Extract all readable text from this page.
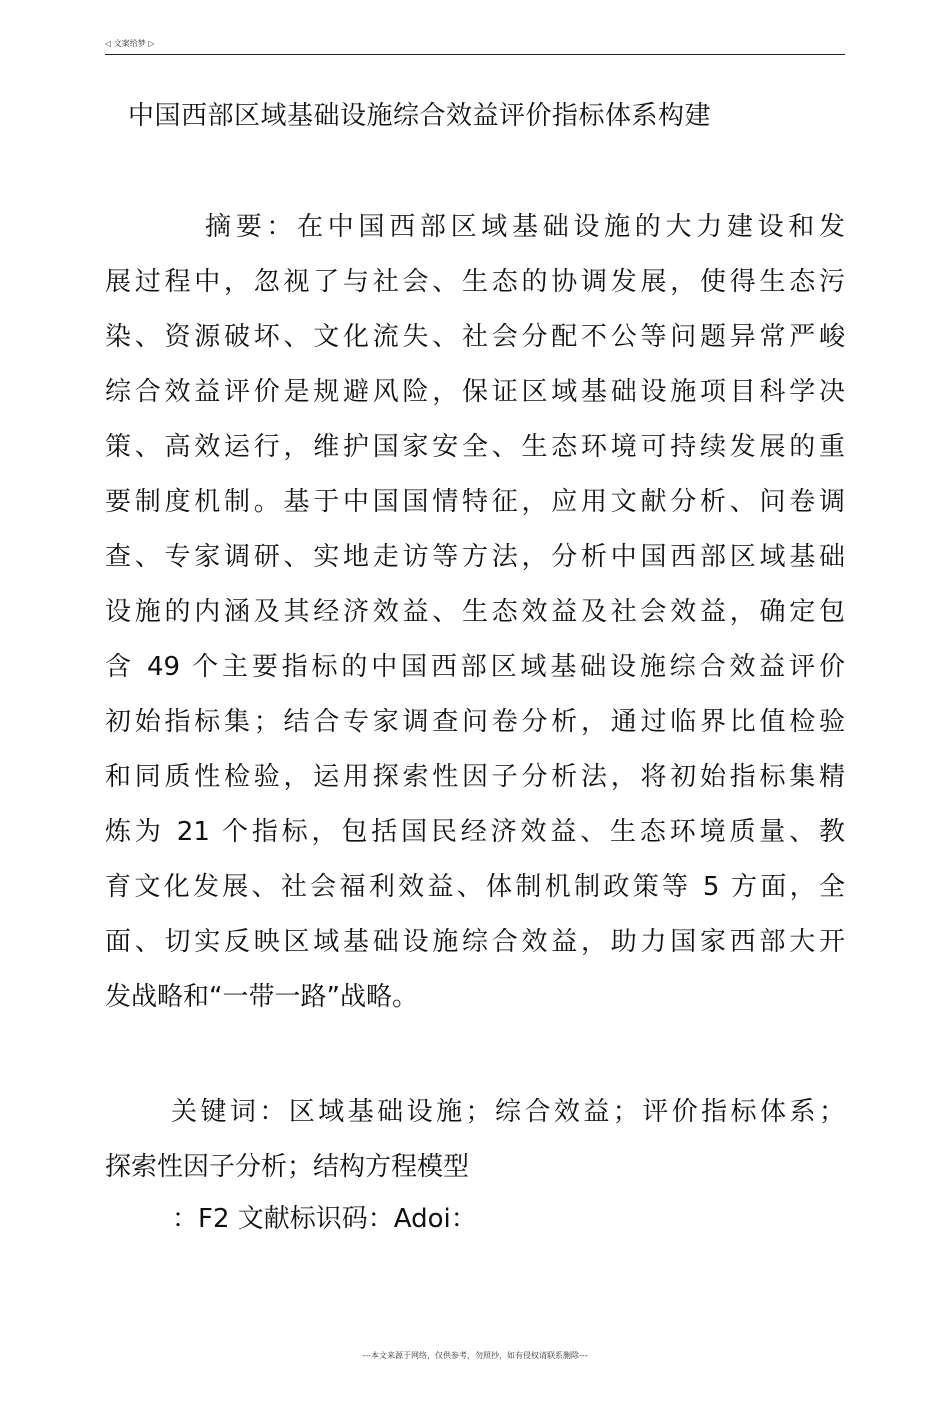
◁ 文案给梦 ▷
中国西部区域基础设施综合效益评价指标体系构建
摘要：在中国西部区域基础设施的大力建设和发
展过程中，忽视了与社会、生态的协调发展，使得生态污
染、资源破坏、文化流失、社会分配不公等问题异常严峻
综合效益评价是规避风险，保证区域基础设施项目科学决
策、高效运行，维护国家安全、生态环境可持续发展的重
要制度机制。基于中国国情特征，应用文献分析、问卷调
查、专家调研、实地走访等方法，分析中国西部区域基础
设施的内涵及其经济效益、生态效益及社会效益，确定包
含 49 个主要指标的中国西部区域基础设施综合效益评价
初始指标集；结合专家调查问卷分析，通过临界比值检验
和同质性检验，运用探索性因子分析法，将初始指标集精
炼为 21 个指标，包括国民经济效益、生态环境质量、教
育文化发展、社会福利效益、体制机制政策等 5 方面，全
面、切实反映区域基础设施综合效益，助力国家西部大开
发战略和“一带一路”战略。
关键词：区域基础设施；综合效益；评价指标体系；
探索性因子分析；结构方程模型
：F2 文献标识码：Adoi：
---本文来源于网络，仅供参考，勿照抄，如有侵权请联系删除---
